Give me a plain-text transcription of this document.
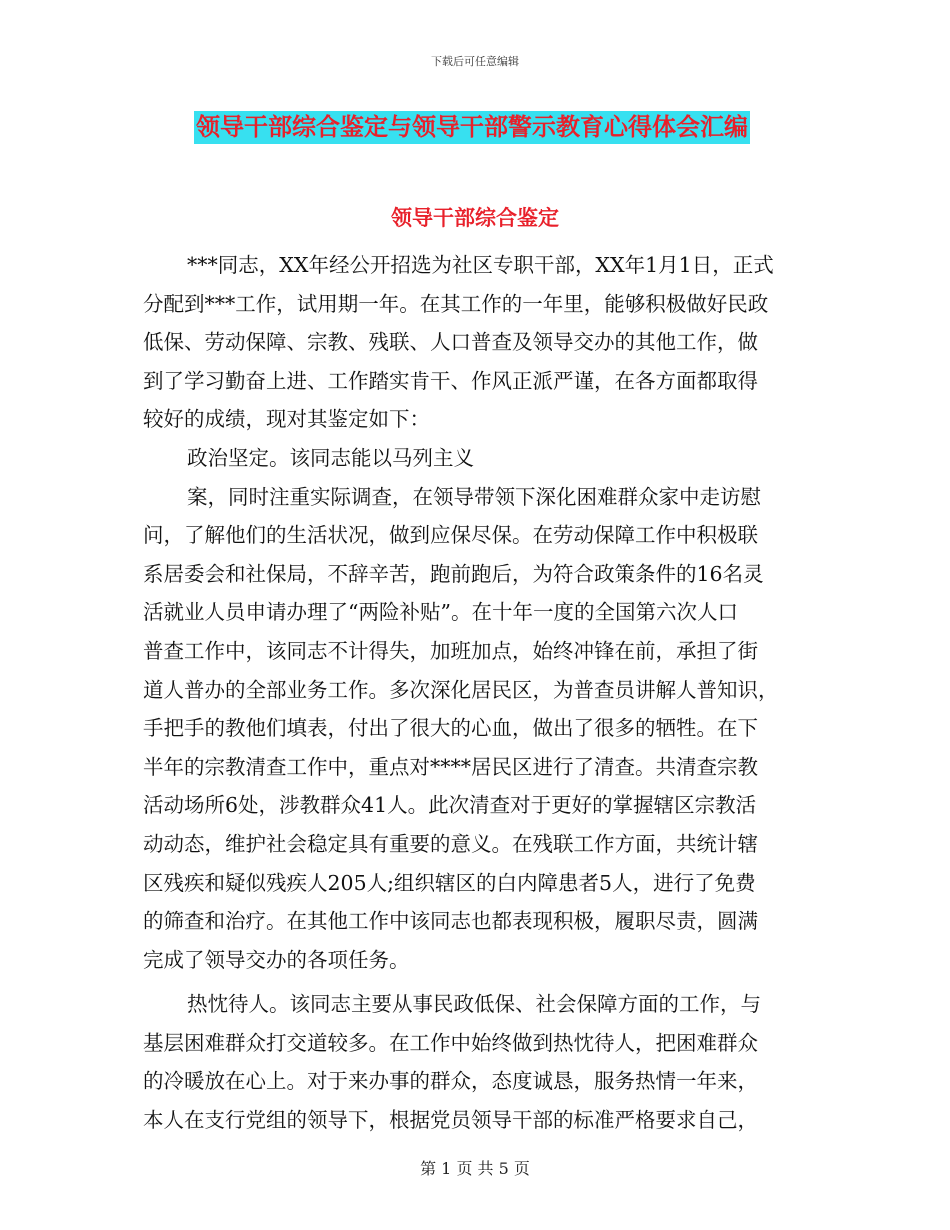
下载后可任意编辑
领导干部综合鉴定与领导干部警示教育心得体会汇编
领导干部综合鉴定

***同志，XX年经公开招选为社区专职干部，XX年1月1日，正式

分配到***工作，试用期一年。在其工作的一年里，能够积极做好民政

低保、劳动保障、宗教、残联、人口普查及领导交办的其他工作，做

到了学习勤奋上进、工作踏实肯干、作风正派严谨，在各方面都取得

较好的成绩，现对其鉴定如下：

政治坚定。该同志能以马列主义

案，同时注重实际调查，在领导带领下深化困难群众家中走访慰

问，了解他们的生活状况，做到应保尽保。在劳动保障工作中积极联

系居委会和社保局，不辞辛苦，跑前跑后，为符合政策条件的16名灵

活就业人员申请办理了“两险补贴”。在十年一度的全国第六次人口

普查工作中，该同志不计得失，加班加点，始终冲锋在前，承担了街

道人普办的全部业务工作。多次深化居民区，为普查员讲解人普知识，

手把手的教他们填表，付出了很大的心血，做出了很多的牺牲。在下

半年的宗教清查工作中，重点对****居民区进行了清查。共清查宗教

活动场所6处，涉教群众41人。此次清查对于更好的掌握辖区宗教活

动动态，维护社会稳定具有重要的意义。在残联工作方面，共统计辖

区残疾和疑似残疾人205人;组织辖区的白内障患者5人，进行了免费

的筛查和治疗。在其他工作中该同志也都表现积极，履职尽责，圆满

完成了领导交办的各项任务。

热忱待人。该同志主要从事民政低保、社会保障方面的工作，与

基层困难群众打交道较多。在工作中始终做到热忱待人，把困难群众

的冷暖放在心上。对于来办事的群众，态度诚恳，服务热情一年来，

本人在支行党组的领导下，根据党员领导干部的标准严格要求自己，

第 1 页 共 5 页
